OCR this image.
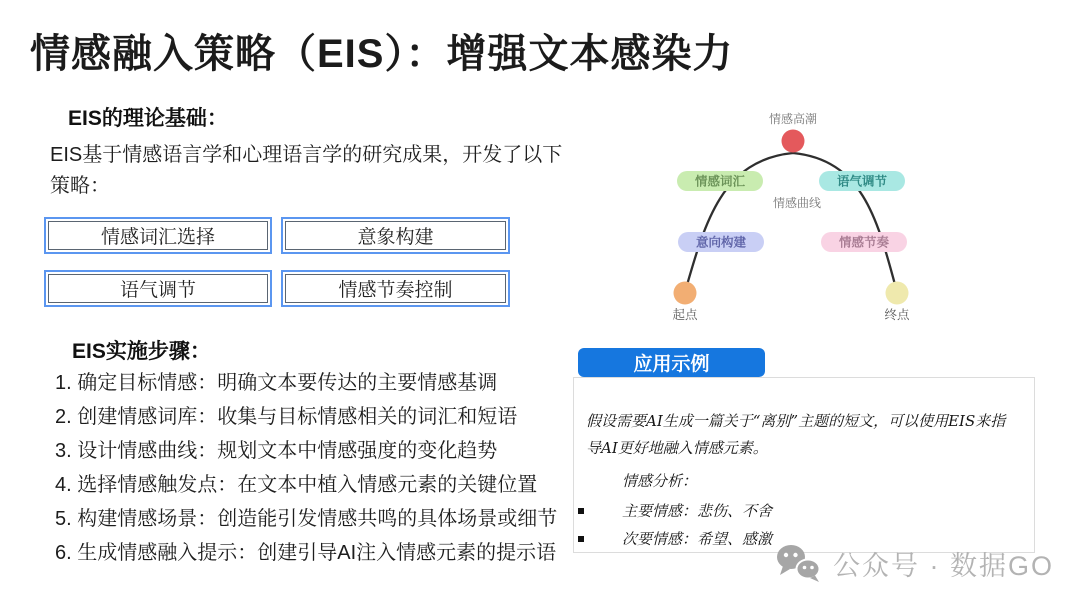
情感融入策略（EIS）：增强文本感染力
EIS的理论基础：
EIS基于情感语言学和心理语言学的研究成果，开发了以下策略：
情感词汇选择	意象构建
语气调节	情感节奏控制
EIS实施步骤：
1. 确定目标情感：明确文本要传达的主要情感基调
2. 创建情感词库：收集与目标情感相关的词汇和短语
3. 设计情感曲线：规划文本中情感强度的变化趋势
4. 选择情感触发点：在文本中植入情感元素的关键位置
5. 构建情感场景：创造能引发情感共鸣的具体场景或细节
6. 生成情感融入提示：创建引导AI注入情感元素的提示语
情感高潮
情感曲线
情感词汇	语气调节
意向构建	情感节奏
起点	终点
应用示例
假设需要AI生成一篇关于“离别”主题的短文，可以使用EIS来指导AI更好地融入情感元素。
情感分析：
主要情感：悲伤、不舍
次要情感：希望、感激
公众号 · 数据GO
